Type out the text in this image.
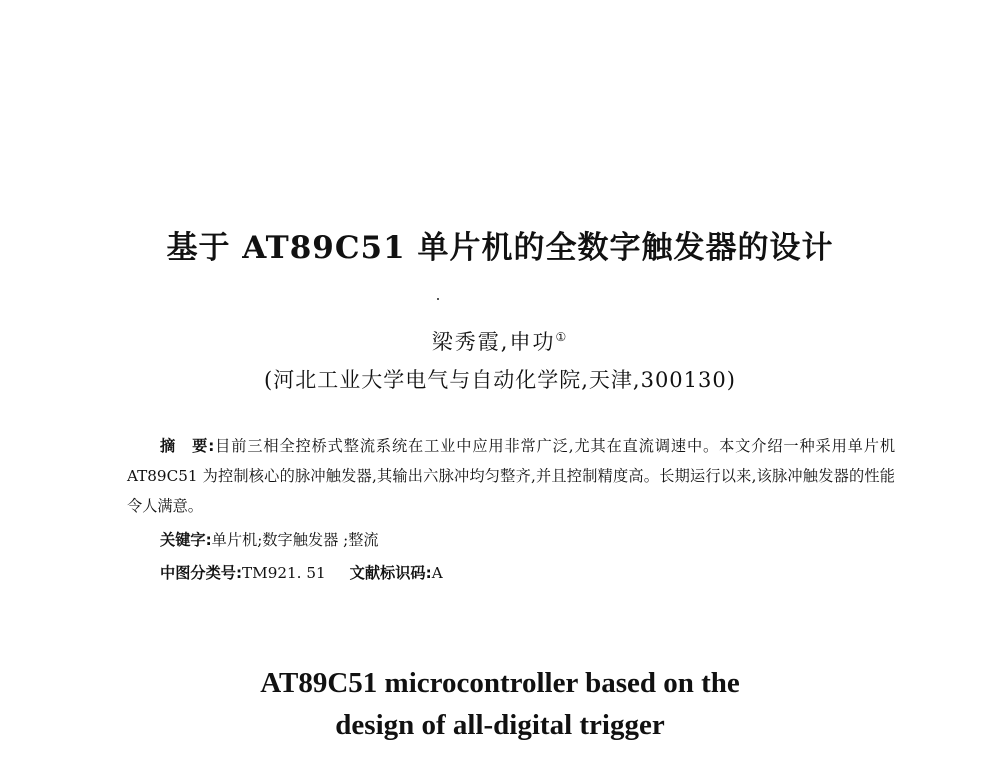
基于 AT89C51 单片机的全数字触发器的设计
梁秀霞,申功①
(河北工业大学电气与自动化学院,天津,300130)

摘　要:目前三相全控桥式整流系统在工业中应用非常广泛,尤其在直流调速中。本文介绍一种采用单片机 AT89C51 为控制核心的脉冲触发器,其输出六脉冲均匀整齐,并且控制精度高。长期运行以来,该脉冲触发器的性能令人满意。

关键字:单片机;数字触发器 ;整流
中图分类号:TM921. 51 文献标识码:A
AT89C51 microcontroller based on the
design of all-digital trigger
